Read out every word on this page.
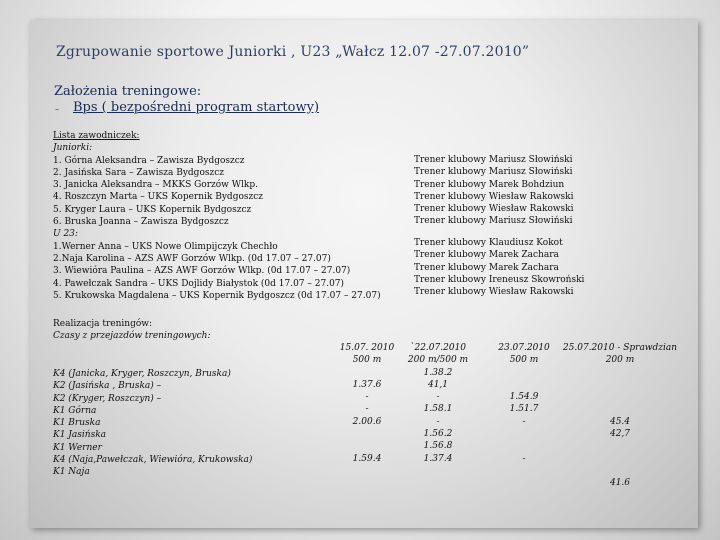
Zgrupowanie sportowe Juniorki , U23 „Wałcz 12.07 -27.07.2010”
Założenia treningowe:
- Bps ( bezpośredni program startowy)
Lista zawodniczek:
Juniorki:
1. Górna Aleksandra – Zawisza Bydgoszcz
2. Jasińska Sara – Zawisza Bydgoszcz
3. Janicka Aleksandra – MKKS Gorzów Wlkp.
4. Roszczyn Marta – UKS Kopernik Bydgoszcz
5. Kryger Laura – UKS Kopernik Bydgoszcz
6. Bruska Joanna – Zawisza Bydgoszcz
U 23:
1.Werner Anna – UKS Nowe Olimpijczyk Chechło
2.Naja Karolina – AZS AWF Gorzów Wlkp. (0d 17.07 – 27.07)
3. Wiewióra Paulina – AZS AWF Gorzów Wlkp. (0d 17.07 – 27.07)
4. Pawełczak Sandra – UKS Dojlidy Białystok (0d 17.07 – 27.07)
5. Krukowska Magdalena – UKS Kopernik Bydgoszcz (0d 17.07 – 27.07)
Trener klubowy Mariusz Słowiński
Trener klubowy Mariusz Słowiński
Trener klubowy Marek Bohdziun
Trener klubowy Wiesław Rakowski
Trener klubowy Wiesław Rakowski
Trener klubowy Mariusz Słowiński
Trener klubowy Klaudiusz Kokot
Trener klubowy Marek Zachara
Trener klubowy Marek Zachara
Trener klubowy Ireneusz Skowroński
Trener klubowy Wiesław Rakowski
Realizacja treningów:
Czasy z przejazdów treningowych:
K4 (Janicka, Kryger, Roszczyn, Bruska)
K2 (Jasińska , Bruska) –
K2 (Kryger, Roszczyn) –
K1 Górna
K1 Bruska
K1 Jasińska
K1 Werner
K4 (Naja,Pawełczak, Wiewióra, Krukowska)
K1 Naja
15.07. 2010
500 m
1.37.6
-
-
2.00.6
1.59.4
`22.07.2010
200 m/500 m
1.38.2
41,1
-
1.58.1
-
1.56.2
1.56.8
1.37.4
23.07.2010
500 m
1.54.9
1.51.7
-
-
25.07.2010 - Sprawdzian
200 m
45.4
42,7
41.6
